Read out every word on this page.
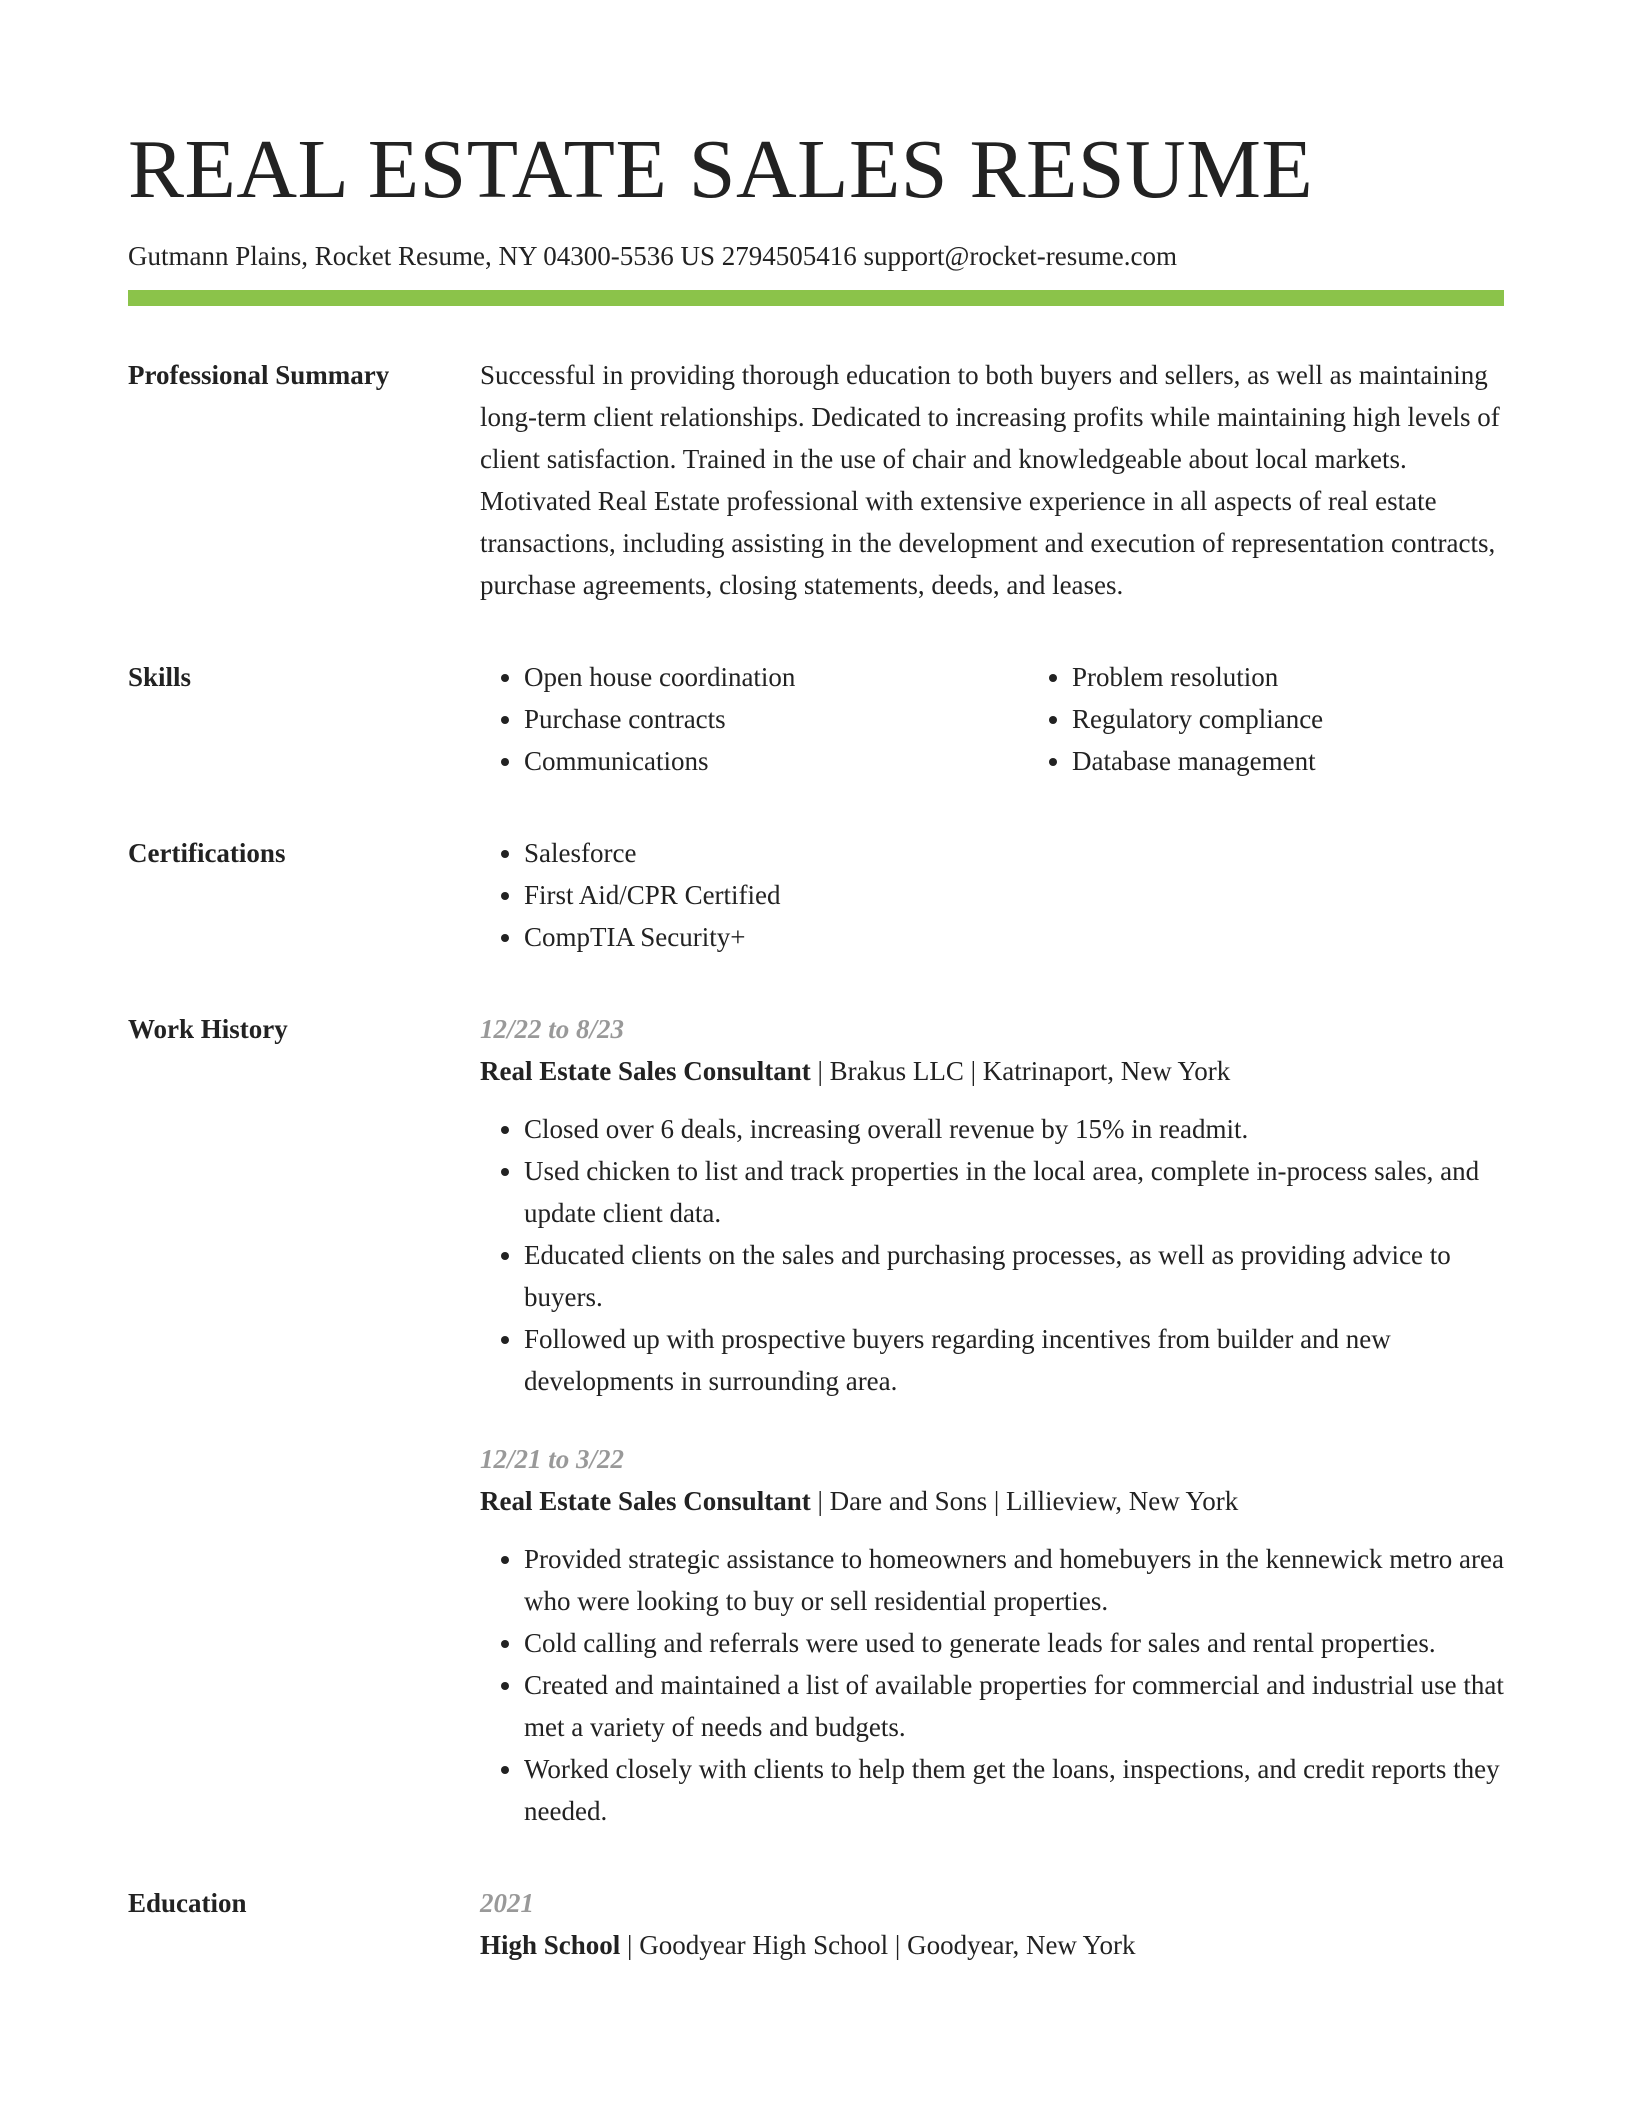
REAL ESTATE SALES RESUME
Gutmann Plains, Rocket Resume, NY 04300-5536 US 2794505416 support@rocket-resume.com
Professional Summary	Successful in providing thorough education to both buyers and sellers, as well as maintaining long-term client relationships. Dedicated to increasing profits while maintaining high levels of client satisfaction. Trained in the use of chair and knowledgeable about local markets. Motivated Real Estate professional with extensive experience in all aspects of real estate transactions, including assisting in the development and execution of representation contracts, purchase agreements, closing statements, deeds, and leases.

Skills	• Open house coordination
• Purchase contracts
• Communications
• Problem resolution
• Regulatory compliance
• Database management
Certifications	• Salesforce
• First Aid/CPR Certified
• CompTIA Security+
Work History	12/22 to 8/23
Real Estate Sales Consultant | Brakus LLC | Katrinaport, New York
• Closed over 6 deals, increasing overall revenue by 15% in readmit.
• Used chicken to list and track properties in the local area, complete in-process sales, and update client data.
• Educated clients on the sales and purchasing processes, as well as providing advice to buyers.
• Followed up with prospective buyers regarding incentives from builder and new developments in surrounding area.
12/21 to 3/22
Real Estate Sales Consultant | Dare and Sons | Lillieview, New York
• Provided strategic assistance to homeowners and homebuyers in the kennewick metro area who were looking to buy or sell residential properties.
• Cold calling and referrals were used to generate leads for sales and rental properties.
• Created and maintained a list of available properties for commercial and industrial use that met a variety of needs and budgets.
• Worked closely with clients to help them get the loans, inspections, and credit reports they needed.
Education	2021
High School | Goodyear High School | Goodyear, New York
